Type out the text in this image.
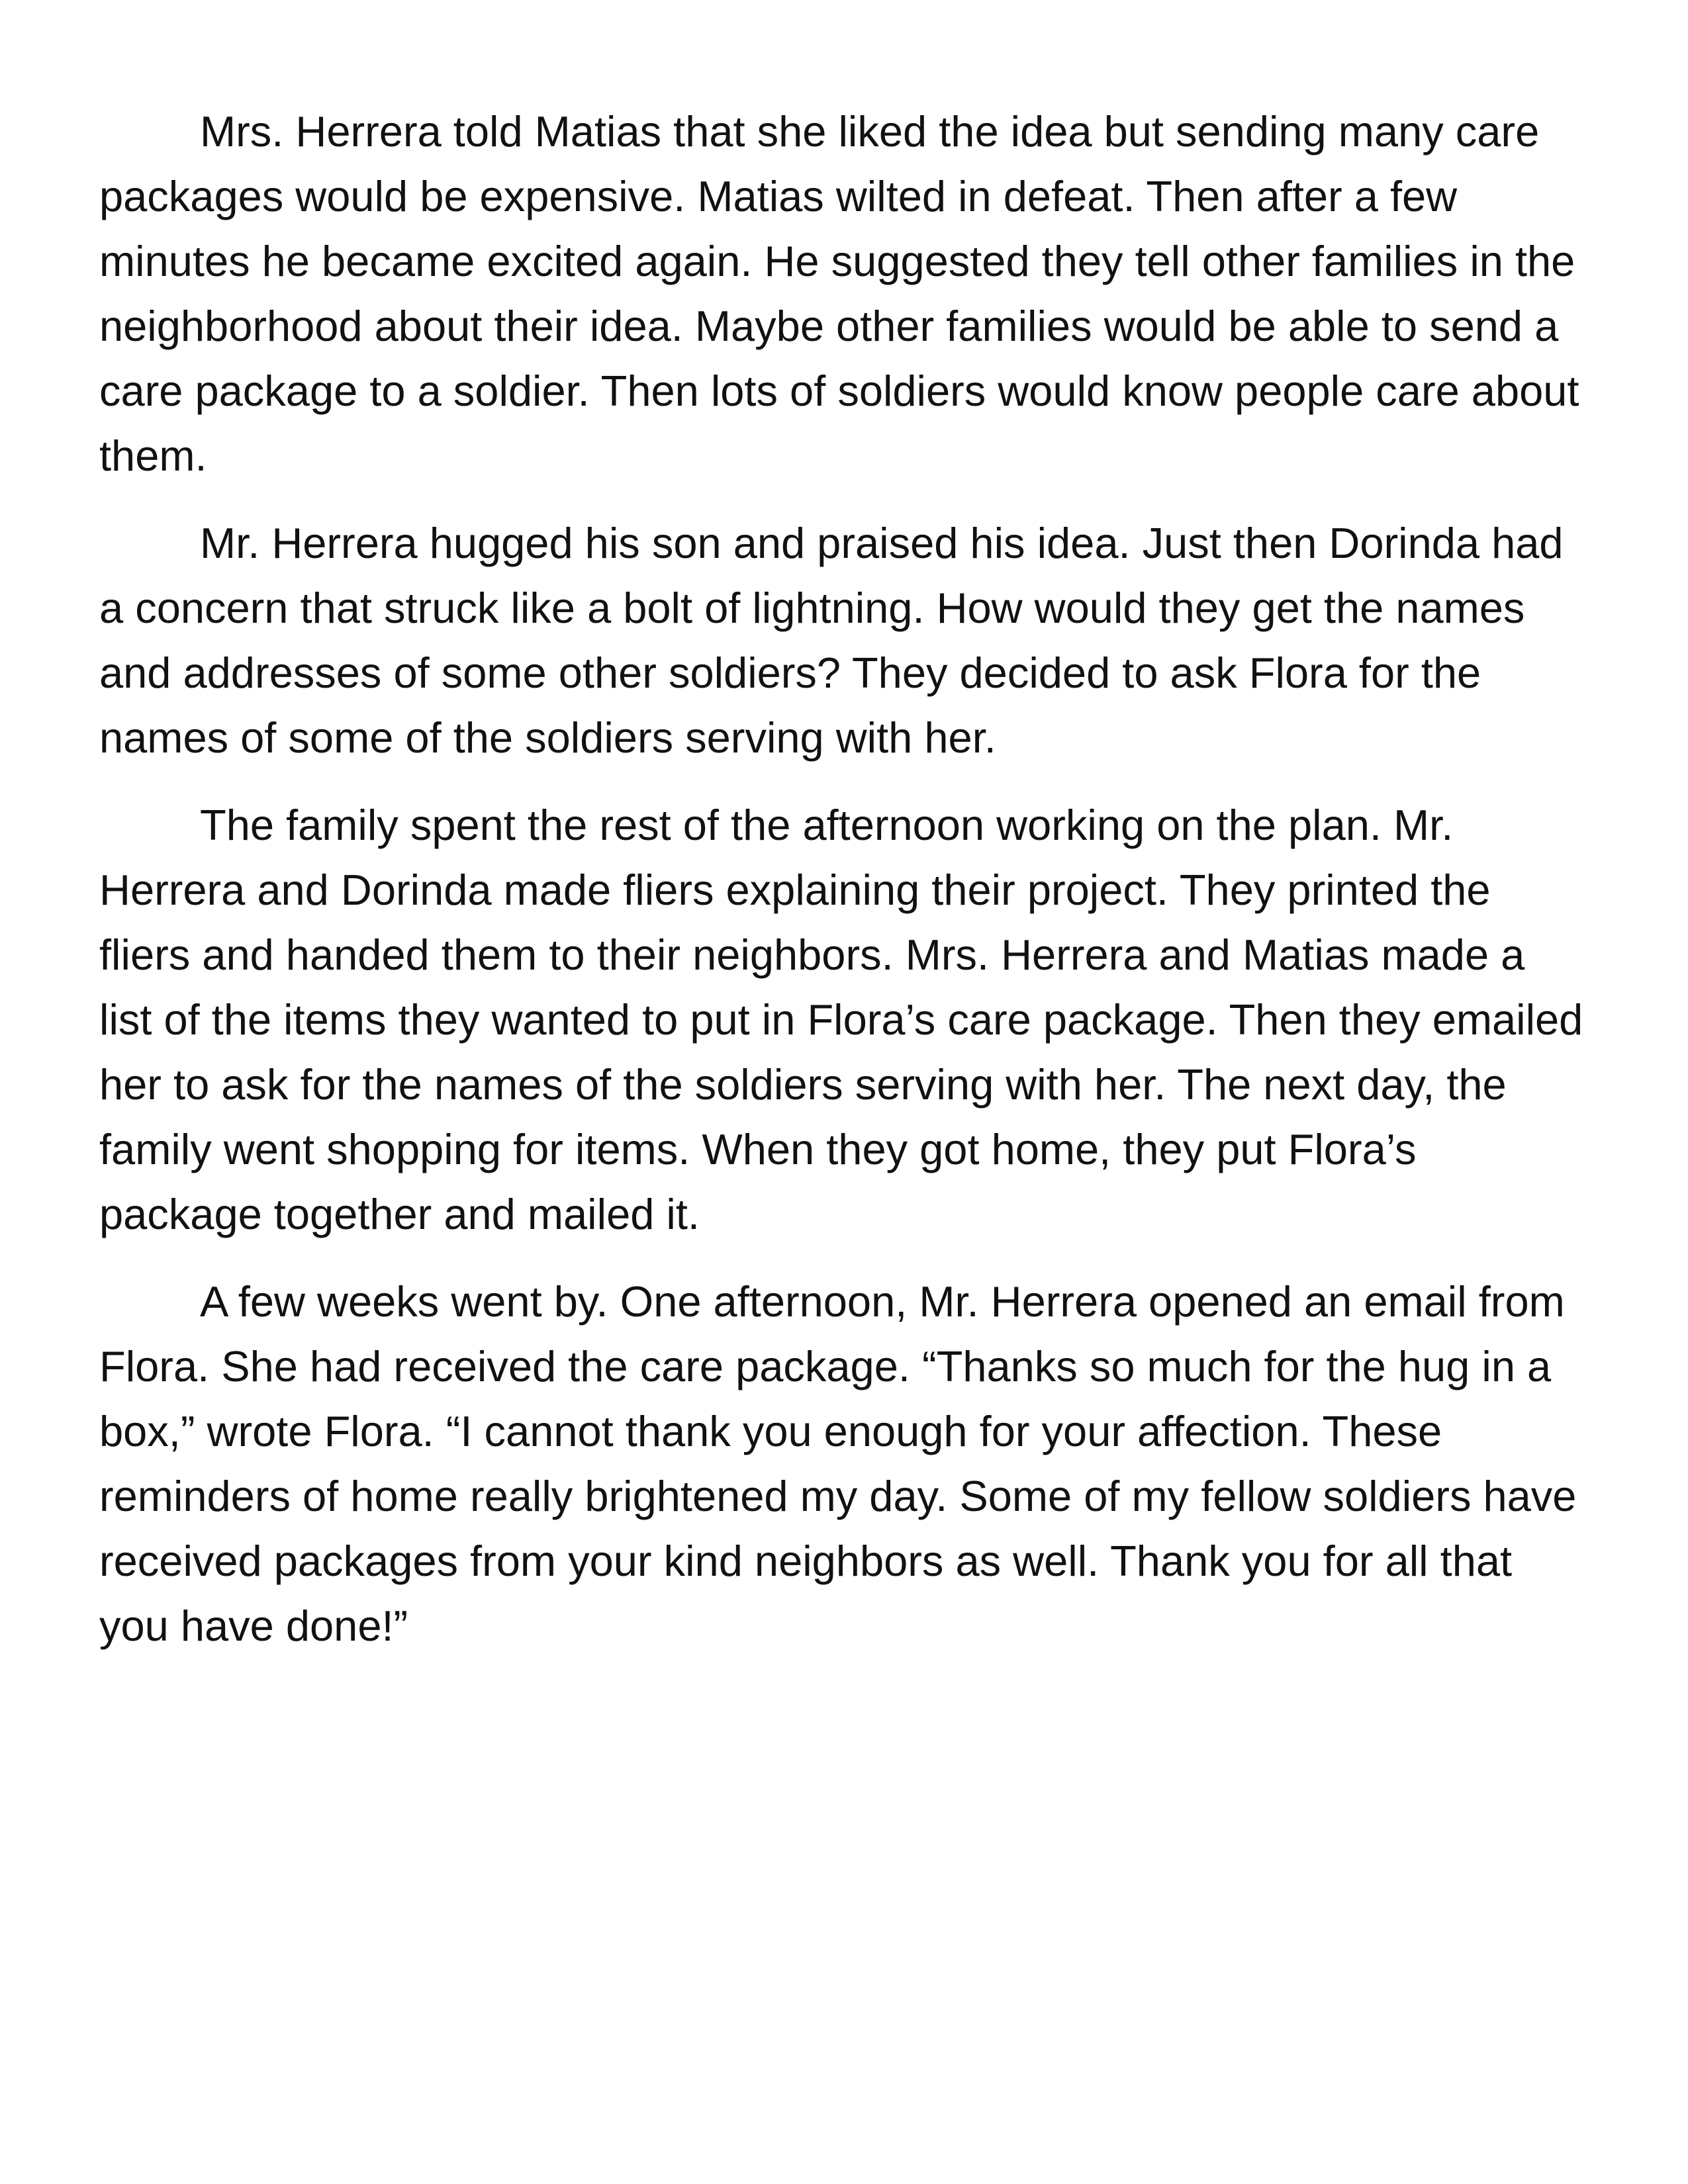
Mrs. Herrera told Matias that she liked the idea but sending many care packages would be expensive. Matias wilted in defeat. Then after a few minutes he became excited again. He suggested they tell other families in the neighborhood about their idea. Maybe other families would be able to send a care package to a soldier. Then lots of soldiers would know people care about them.

Mr. Herrera hugged his son and praised his idea. Just then Dorinda had a concern that struck like a bolt of lightning. How would they get the names and addresses of some other soldiers? They decided to ask Flora for the names of some of the soldiers serving with her.

The family spent the rest of the afternoon working on the plan. Mr. Herrera and Dorinda made fliers explaining their project. They printed the fliers and handed them to their neighbors. Mrs. Herrera and Matias made a list of the items they wanted to put in Flora’s care package. Then they emailed her to ask for the names of the soldiers serving with her. The next day, the family went shopping for items. When they got home, they put Flora’s package together and mailed it.

A few weeks went by. One afternoon, Mr. Herrera opened an email from Flora. She had received the care package. “Thanks so much for the hug in a box,” wrote Flora. “I cannot thank you enough for your affection. These reminders of home really brightened my day. Some of my fellow soldiers have received packages from your kind neighbors as well. Thank you for all that you have done!”
